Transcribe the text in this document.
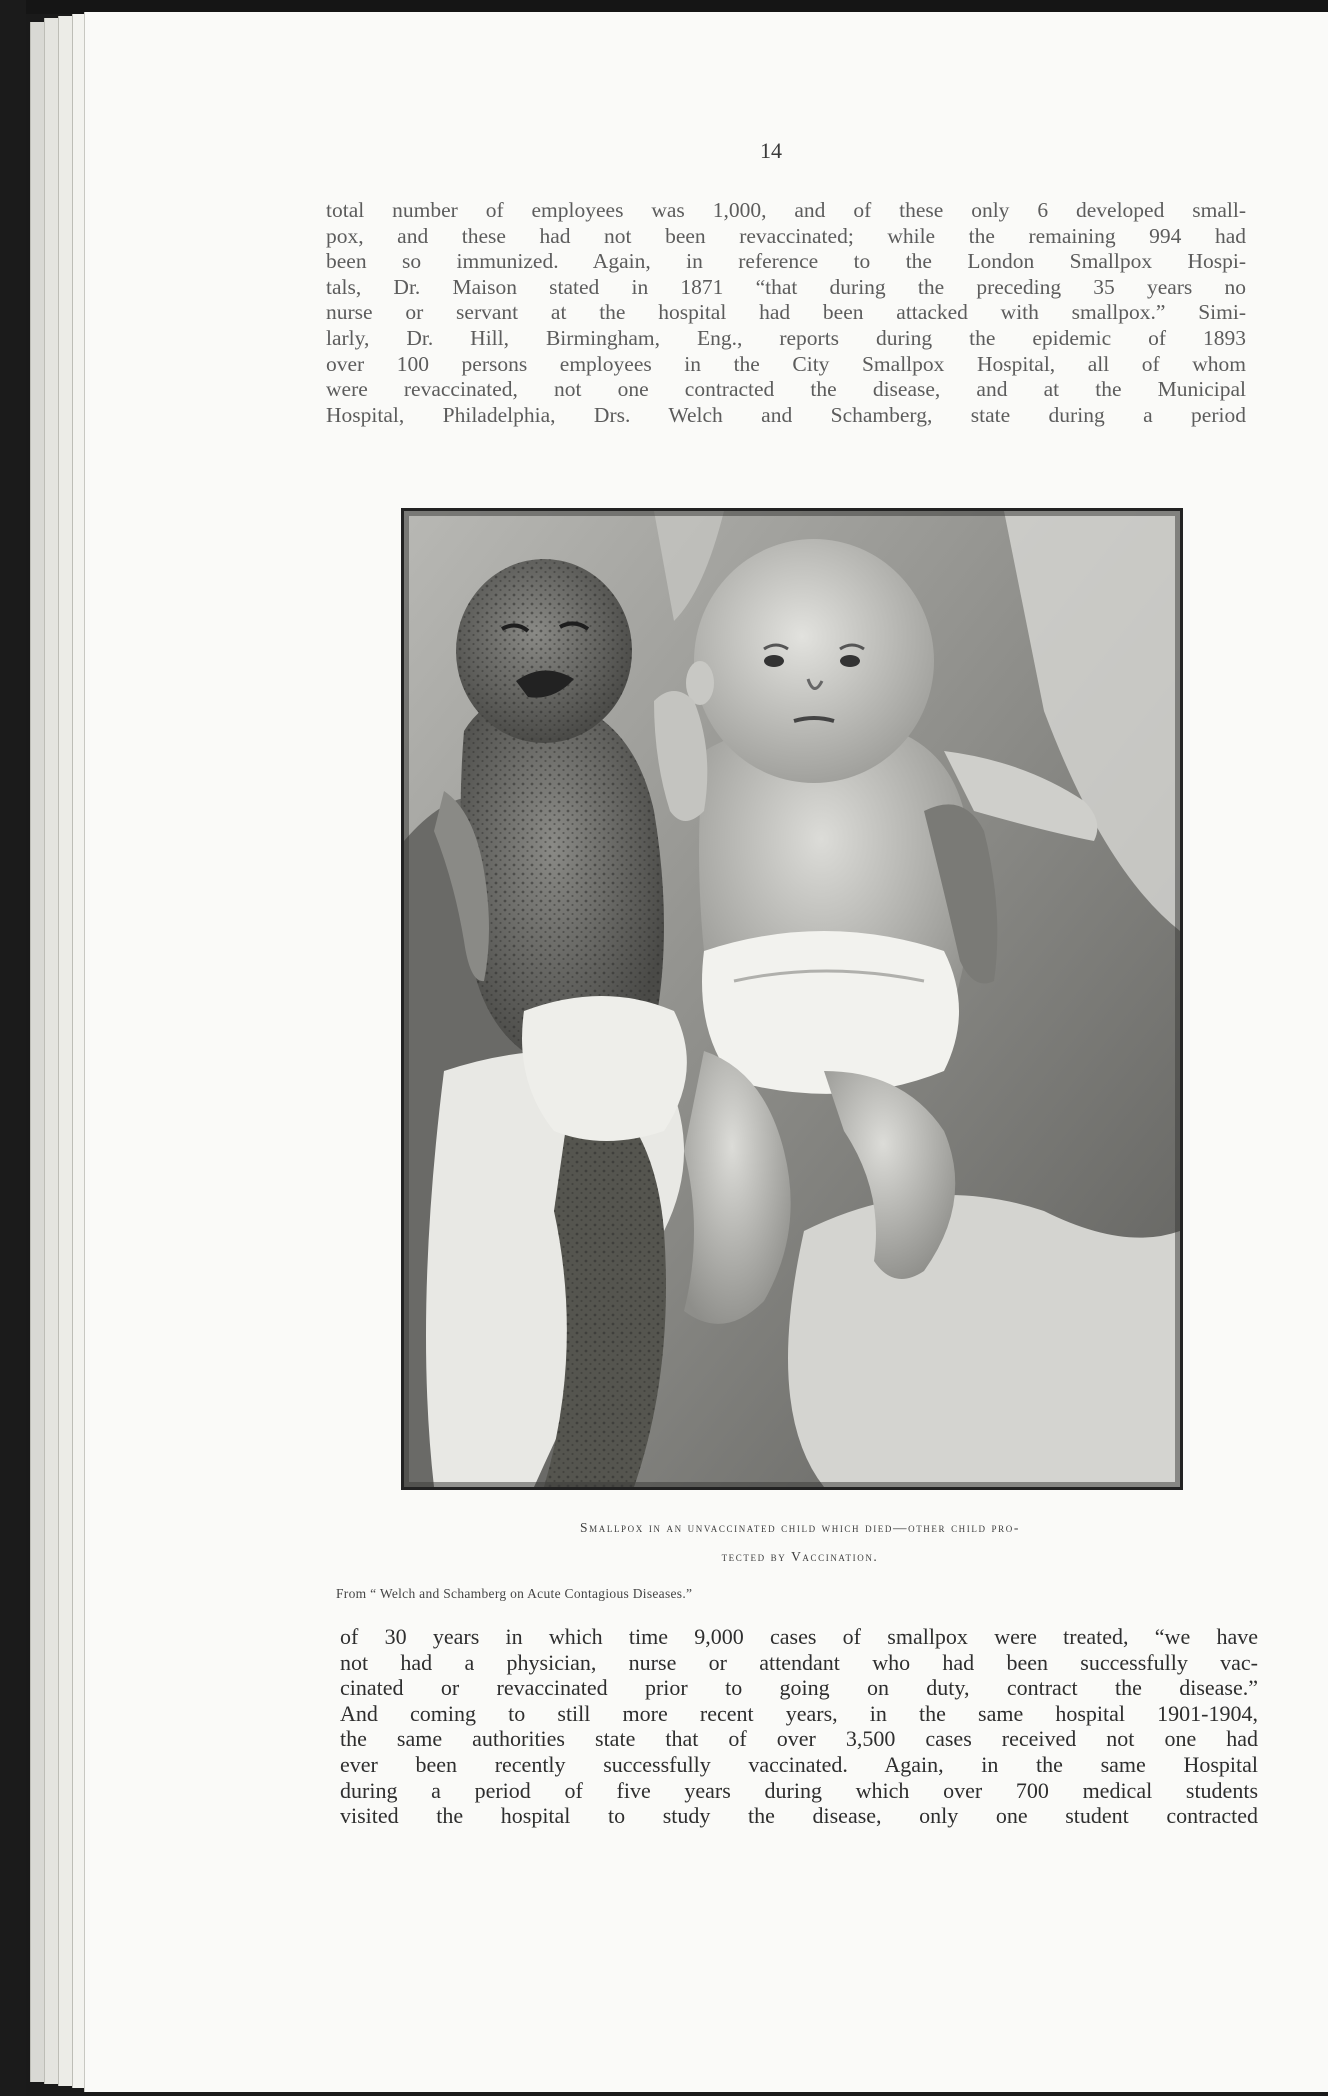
14
total number of employees was 1,000, and of these only 6 developed small-
pox, and these had not been revaccinated; while the remaining 994 had
been so immunized. Again, in reference to the London Smallpox Hospi-
tals, Dr. Maison stated in 1871 “that during the preceding 35 years no
nurse or servant at the hospital had been attacked with smallpox.” Simi-
larly, Dr. Hill, Birmingham, Eng., reports during the epidemic of 1893
over 100 persons employees in the City Smallpox Hospital, all of whom
were revaccinated, not one contracted the disease, and at the Municipal
Hospital, Philadelphia, Drs. Welch and Schamberg, state during a period
Smallpox in an unvaccinated child which died—other child pro-
tected by Vaccination.
From “ Welch and Schamberg on Acute Contagious Diseases.”
of 30 years in which time 9,000 cases of smallpox were treated, “we have
not had a physician, nurse or attendant who had been successfully vac-
cinated or revaccinated prior to going on duty, contract the disease.”
And coming to still more recent years, in the same hospital 1901-1904,
the same authorities state that of over 3,500 cases received not one had
ever been recently successfully vaccinated. Again, in the same Hospital
during a period of five years during which over 700 medical students
visited the hospital to study the disease, only one student contracted
